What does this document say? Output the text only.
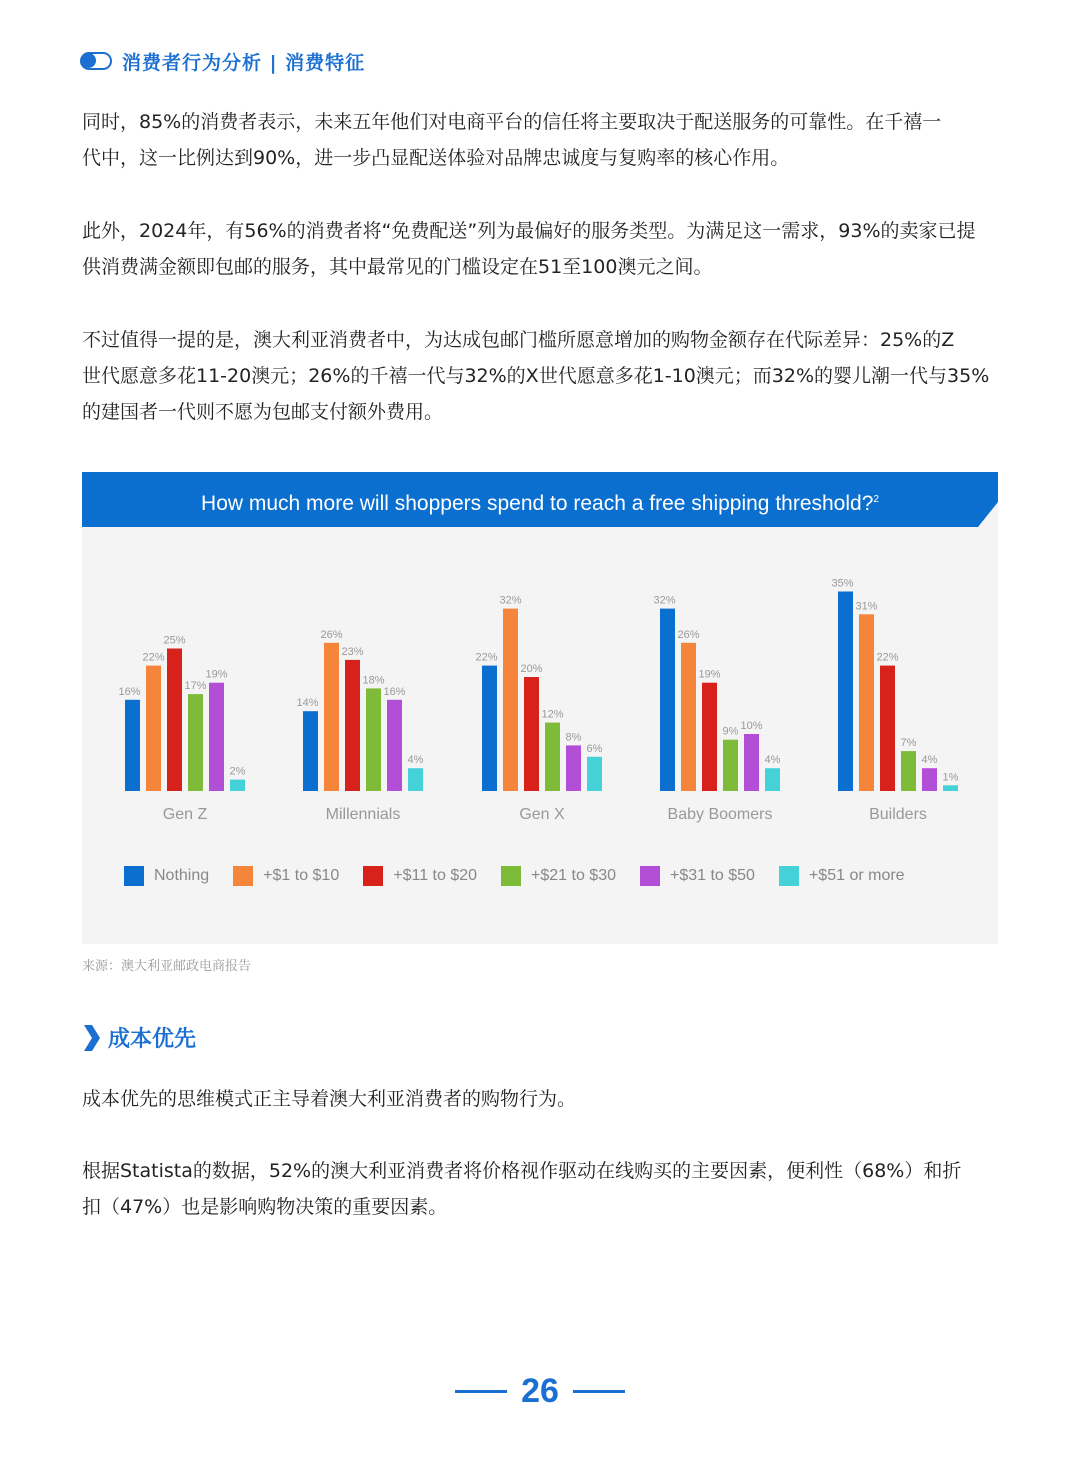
消费者行为分析 | 消费特征

同时，85%的消费者表示，未来五年他们对电商平台的信任将主要取决于配送服务的可靠性。在千禧一
代中，这一比例达到90%，进一步凸显配送体验对品牌忠诚度与复购率的核心作用。

此外，2024年，有56%的消费者将“免费配送”列为最偏好的服务类型。为满足这一需求，93%的卖家已提
供消费满金额即包邮的服务，其中最常见的门槛设定在51至100澳元之间。

不过值得一提的是，澳大利亚消费者中，为达成包邮门槛所愿意增加的购物金额存在代际差异：25%的Z
世代愿意多花11-20澳元；26%的千禧一代与32%的X世代愿意多花1-10澳元；而32%的婴儿潮一代与35%
的建国者一代则不愿为包邮支付额外费用。

How much more will shoppers spend to reach a free shipping threshold?$^2$
16%
22%
25%
17%
19%
2%
Gen Z
14%
26%
23%
18%
16%
4%
Millennials
22%
32%
20%
12%
8%
6%
Gen X
32%
26%
19%
9% 10%
4%
Baby Boomers
35%
31%
22%
7%
4%
1%
Builders
Nothing	+$1 to $10	+$11 to $20	+$21 to $30	+$31 to $50	+$51 or more
来源：澳大利亚邮政电商报告
成本优先

成本优先的思维模式正主导着澳大利亚消费者的购物行为。

根据Statista的数据，52%的澳大利亚消费者将价格视作驱动在线购买的主要因素，便利性（68%）和折
扣（47%）也是影响购物决策的重要因素。

26
